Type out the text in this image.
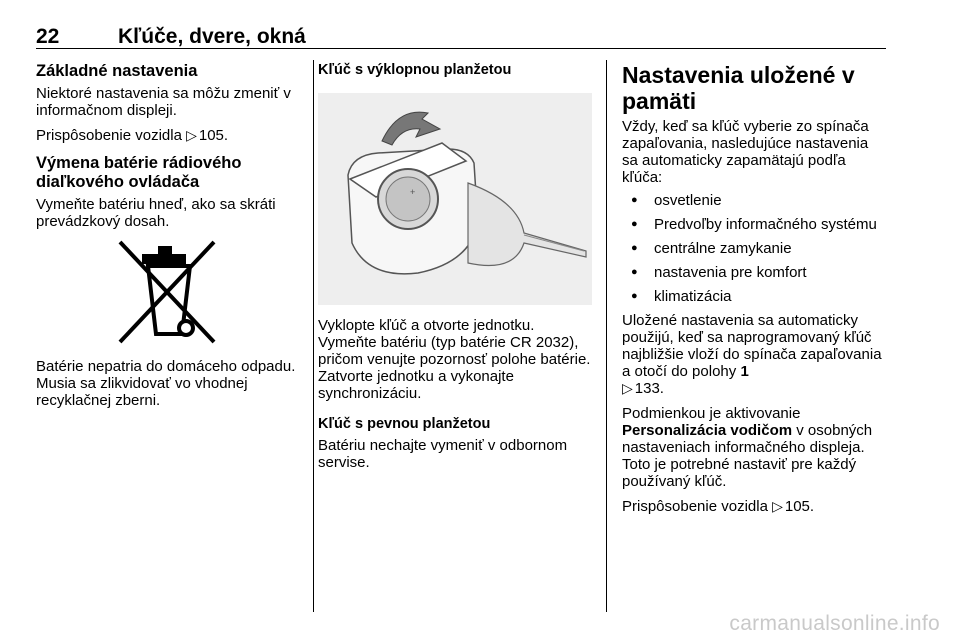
22	Kľúče, dvere, okná
Základné nastavenia

Niektoré nastavenia sa môžu zmeniť v informačnom displeji.

Prispôsobenie vozidla ▷ 105.

Výmena batérie rádiového diaľkového ovládača

Vymeňte batériu hneď, ako sa skráti prevádzkový dosah.

Batérie nepatria do domáceho odpadu. Musia sa zlikvidovať vo vhodnej recyklačnej zberni.

Kľúč s výklopnou planžetou
+

Vyklopte kľúč a otvorte jednotku. Vymeňte batériu (typ batérie CR 2032), pričom venujte pozornosť polohe batérie. Zatvorte jednotku a vykonajte synchronizáciu.

Kľúč s pevnou planžetou

Batériu nechajte vymeniť v odbornom servise.

Nastavenia uložené v pamäti

Vždy, keď sa kľúč vyberie zo spínača zapaľovania, nasledujúce nastavenia sa automaticky zapamätajú podľa kľúča:

● osvetlenie
● Predvoľby informačného systému
● centrálne zamykanie
● nastavenia pre komfort
● klimatizácia

Uložené nastavenia sa automaticky použijú, keď sa naprogramovaný kľúč najbližšie vloží do spínača zapaľovania a otočí do polohy 1
▷ 133.

Podmienkou je aktivovanie
Personalizácia vodičom v osobných nastaveniach informačného displeja. Toto je potrebné nastaviť pre každý používaný kľúč.

Prispôsobenie vozidla ▷ 105.

carmanualsonline.info
